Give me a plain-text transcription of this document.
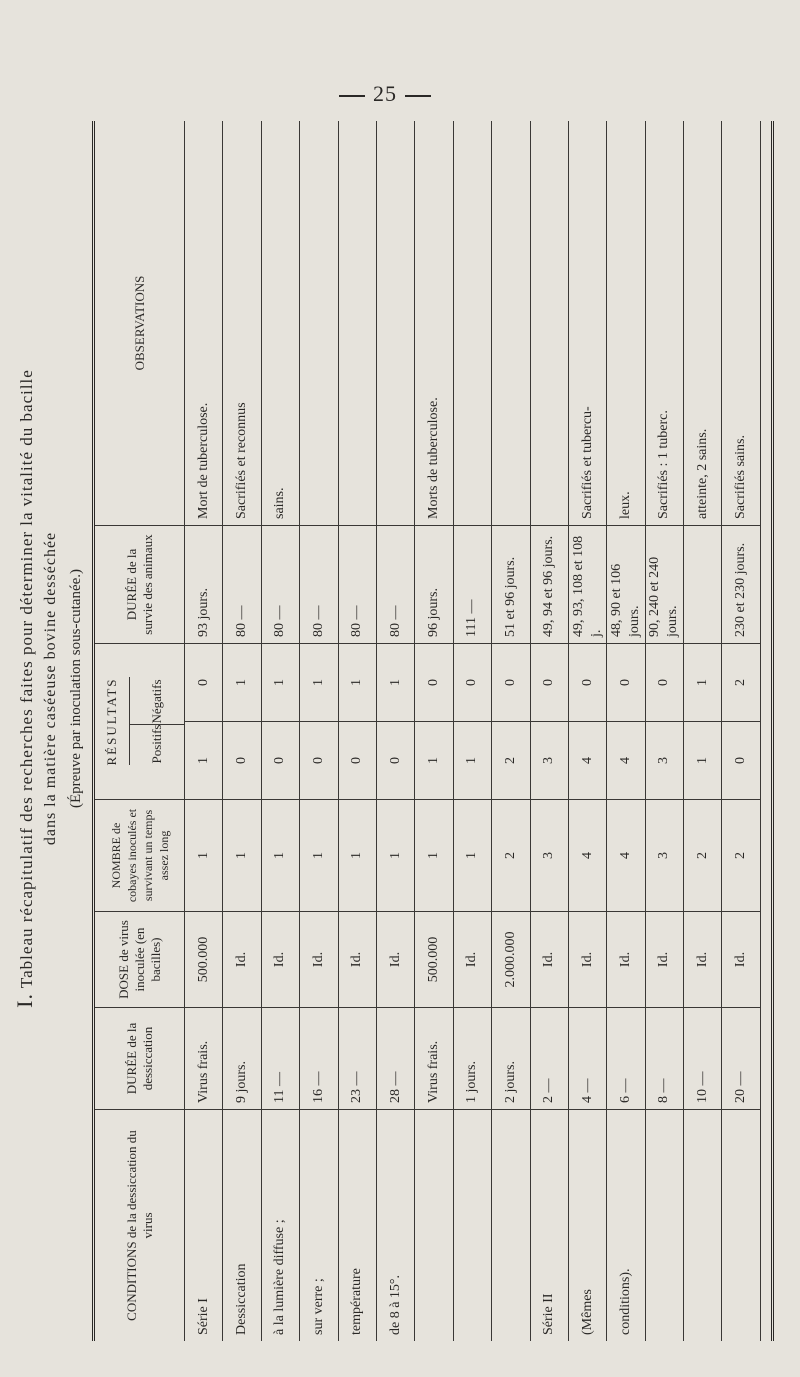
25
I. Tableau récapitulatif des recherches faites pour déterminer la vitalité du bacille dans la matière caséeuse bovine desséchée (Épreuve par inoculation sous-cutanée.)
CONDITIONS de la dessiccation du virus
DURÉE de la dessiccation
DOSE de virus inoculée (en bacilles)
NOMBRE de cobayes inoculés et survivant un temps assez long
RÉSULTATS	Positifs
Négatifs
DURÉE de la survie des animaux
OBSERVATIONS
Série I
Virus frais.
500.000
1
1
0
93 jours.
Mort de tuberculose.
Dessiccation
9 jours.
Id.
1
0
1
80 —
Sacrifiés et reconnus
à la lumière diffuse ;
11 —
Id.
1
0
1
80 —
sains.
sur verre ;
16 —
Id.
1
0
1
80 —
température
23 —
Id.
1
0
1
80 —
de 8 à 15°.
28 —
Id.
1
0
1
80 —
Virus frais.
500.000
1
1
0
96 jours.
Morts de tuberculose.
1 jours.
Id.
1
1
0
111 —
2 jours.
2.000.000
2
2
0
51 et 96 jours.
Série II
2 —
Id.
3
3
0
49, 94 et 96 jours.
(Mêmes
4 —
Id.
4
4
0
49, 93, 108 et 108 j.
Sacrifiés et tubercu-
conditions).
6 —
Id.
4
4
0
48, 90 et 106 jours.
leux.
8 —
Id.
3
3
0
90, 240 et 240 jours.
Sacrifiés : 1 tuberc.
10 —
Id.
2
1
1
atteinte, 2 sains.
20 —
Id.
2
0
2
230 et 230 jours.
Sacrifiés sains.
